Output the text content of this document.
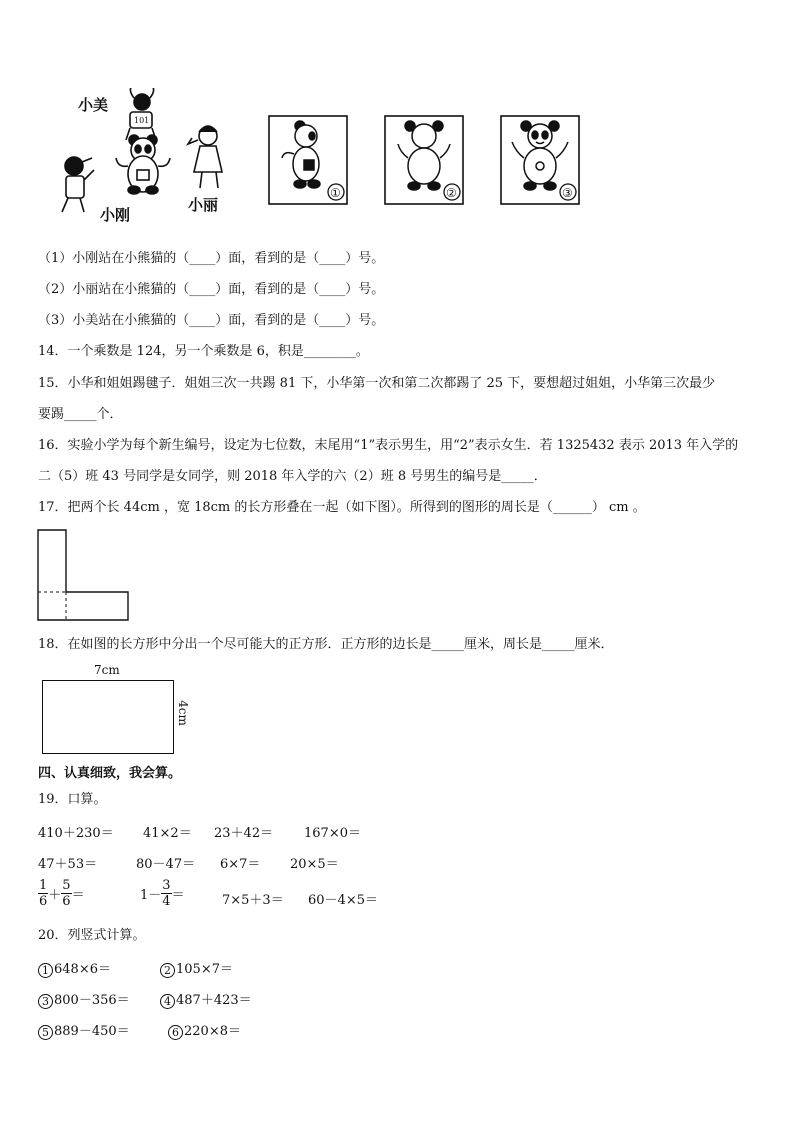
小美
101
小刚
小丽
①	②	③
（1）小刚站在小熊猫的（____）面，看到的是（____）号。
（2）小丽站在小熊猫的（____）面，看到的是（____）号。
（3）小美站在小熊猫的（____）面，看到的是（____）号。
14．一个乘数是 124，另一个乘数是 6，积是________。
15．小华和姐姐踢毽子．姐姐三次一共踢 81 下，小华第一次和第二次都踢了 25 下，要想超过姐姐，小华第三次最少
要踢_____个．
16．实验小学为每个新生编号，设定为七位数，末尾用“1”表示男生，用“2”表示女生．若 1325432 表示 2013 年入学的
二（5）班 43 号同学是女同学，则 2018 年入学的六（2）班 8 号男生的编号是_____．
17．把两个长 44cm ，宽 18cm 的长方形叠在一起（如下图）。所得到的图形的周长是（______） cm 。
18．在如图的长方形中分出一个尽可能大的正方形．正方形的边长是_____厘米，周长是_____厘米．
7cm
4cm
四、认真细致，我会算。
19．口算。
410＋230＝ 41×2＝ 23＋42＝ 167×0＝
47＋53＝	80－47＝ 6×7＝ 20×5＝
$\frac{1}{6} + \frac{5}{6}$ ＝	$1- \frac{3}{4}$ ＝	7×5＋3＝ 60－4×5＝
20．列竖式计算。
1 648×6＝	2 105×7＝
3 800－356＝	4 487＋423＝
5 889－450＝	6 220×8＝
